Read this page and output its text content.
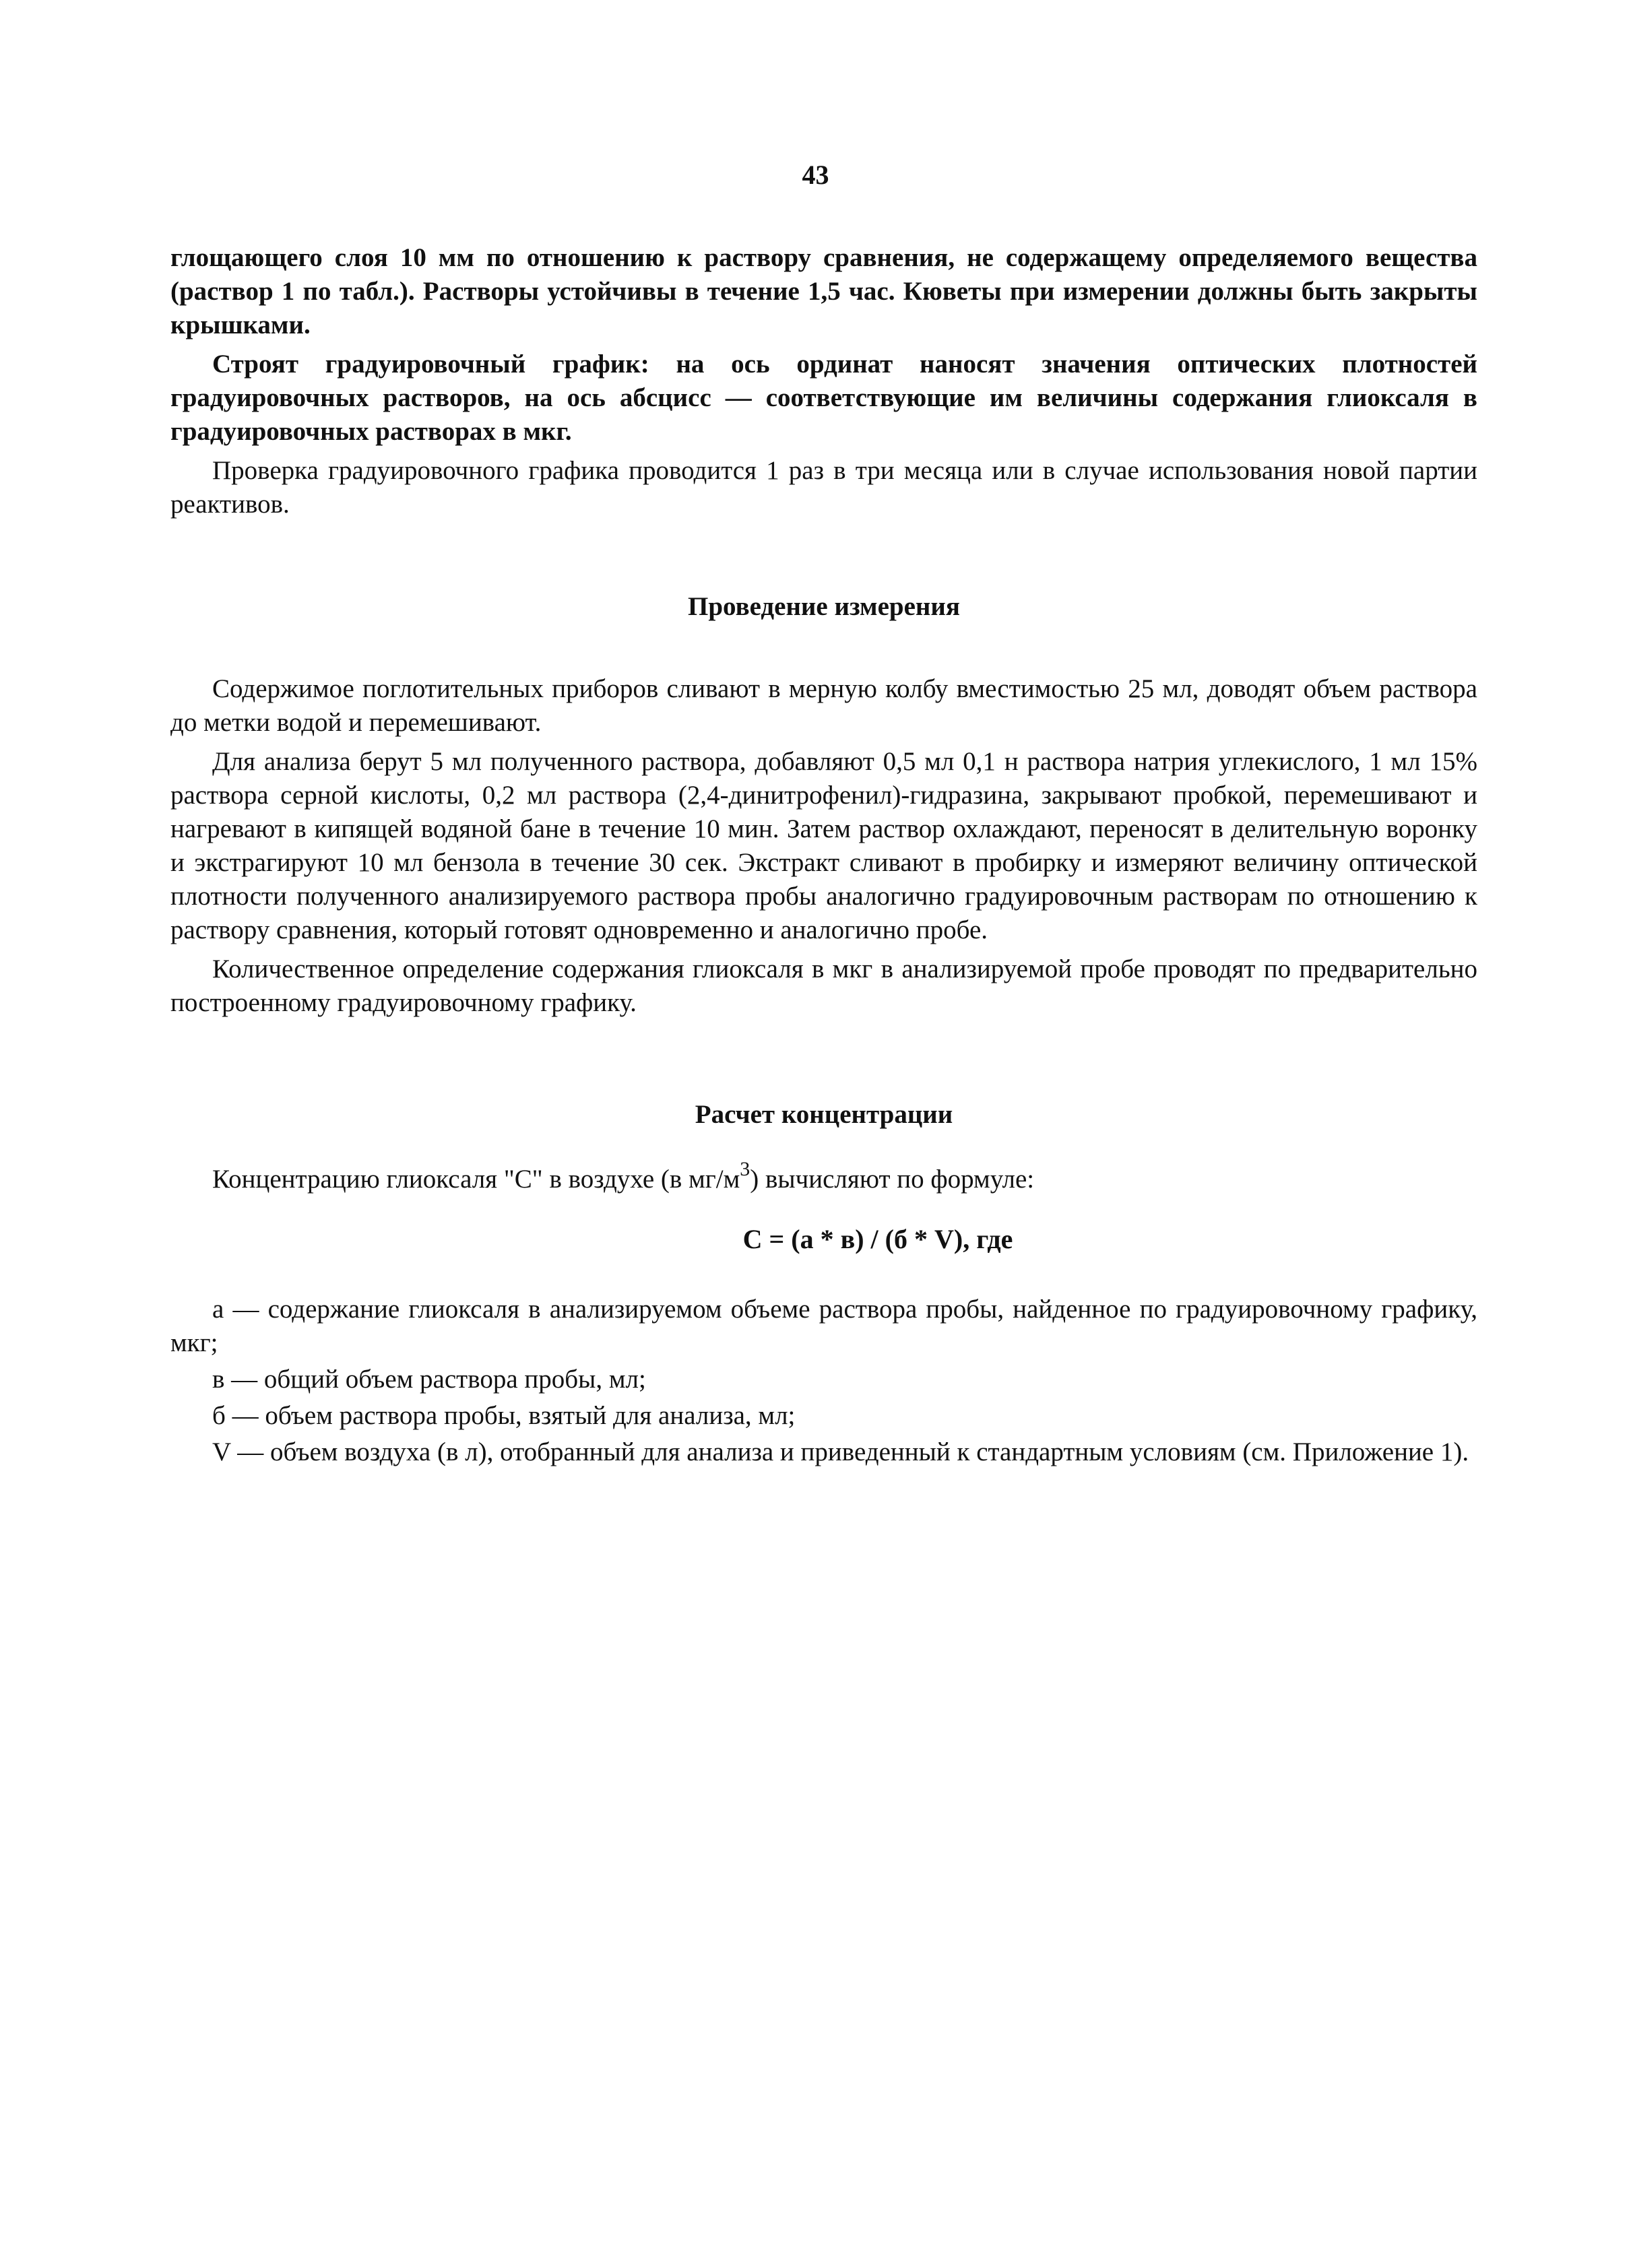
43

глощающего слоя 10 мм по отношению к раствору сравнения, не содержащему определяемого вещества (раствор 1 по табл.). Растворы устойчивы в течение 1,5 час. Кюветы при измерении должны быть закрыты крышками.

Строят градуировочный график: на ось ординат наносят значения оптических плотностей градуировочных растворов, на ось абсцисс — соответствующие им величины содержания глиоксаля в градуировочных растворах в мкг.

Проверка градуировочного графика проводится 1 раз в три месяца или в случае использования новой партии реактивов.

Проведение измерения

Содержимое поглотительных приборов сливают в мерную колбу вместимостью 25 мл, доводят объем раствора до метки водой и перемешивают.

Для анализа берут 5 мл полученного раствора, добавляют 0,5 мл 0,1 н раствора натрия углекислого, 1 мл 15% раствора серной кислоты, 0,2 мл раствора (2,4-динитрофенил)-гидразина, закрывают пробкой, перемешивают и нагревают в кипящей водяной бане в течение 10 мин. Затем раствор охлаждают, переносят в делительную воронку и экстрагируют 10 мл бензола в течение 30 сек. Экстракт сливают в пробирку и измеряют величину оптической плотности полученного анализируемого раствора пробы аналогично градуировочным растворам по отношению к раствору сравнения, который готовят одновременно и аналогично пробе.

Количественное определение содержания глиоксаля в мкг в анализируемой пробе проводят по предварительно построенному градуировочному графику.

Расчет концентрации

Концентрацию глиоксаля "С" в воздухе (в $мг/м^3$) вычисляют по формуле:

С = (а * в) / (б * V), где

а — содержание глиоксаля в анализируемом объеме раствора пробы, найденное по градуировочному графику, мкг;

в — общий объем раствора пробы, мл;

б — объем раствора пробы, взятый для анализа, мл;

V — объем воздуха (в л), отобранный для анализа и приведенный к стандартным условиям (см. Приложение 1).
